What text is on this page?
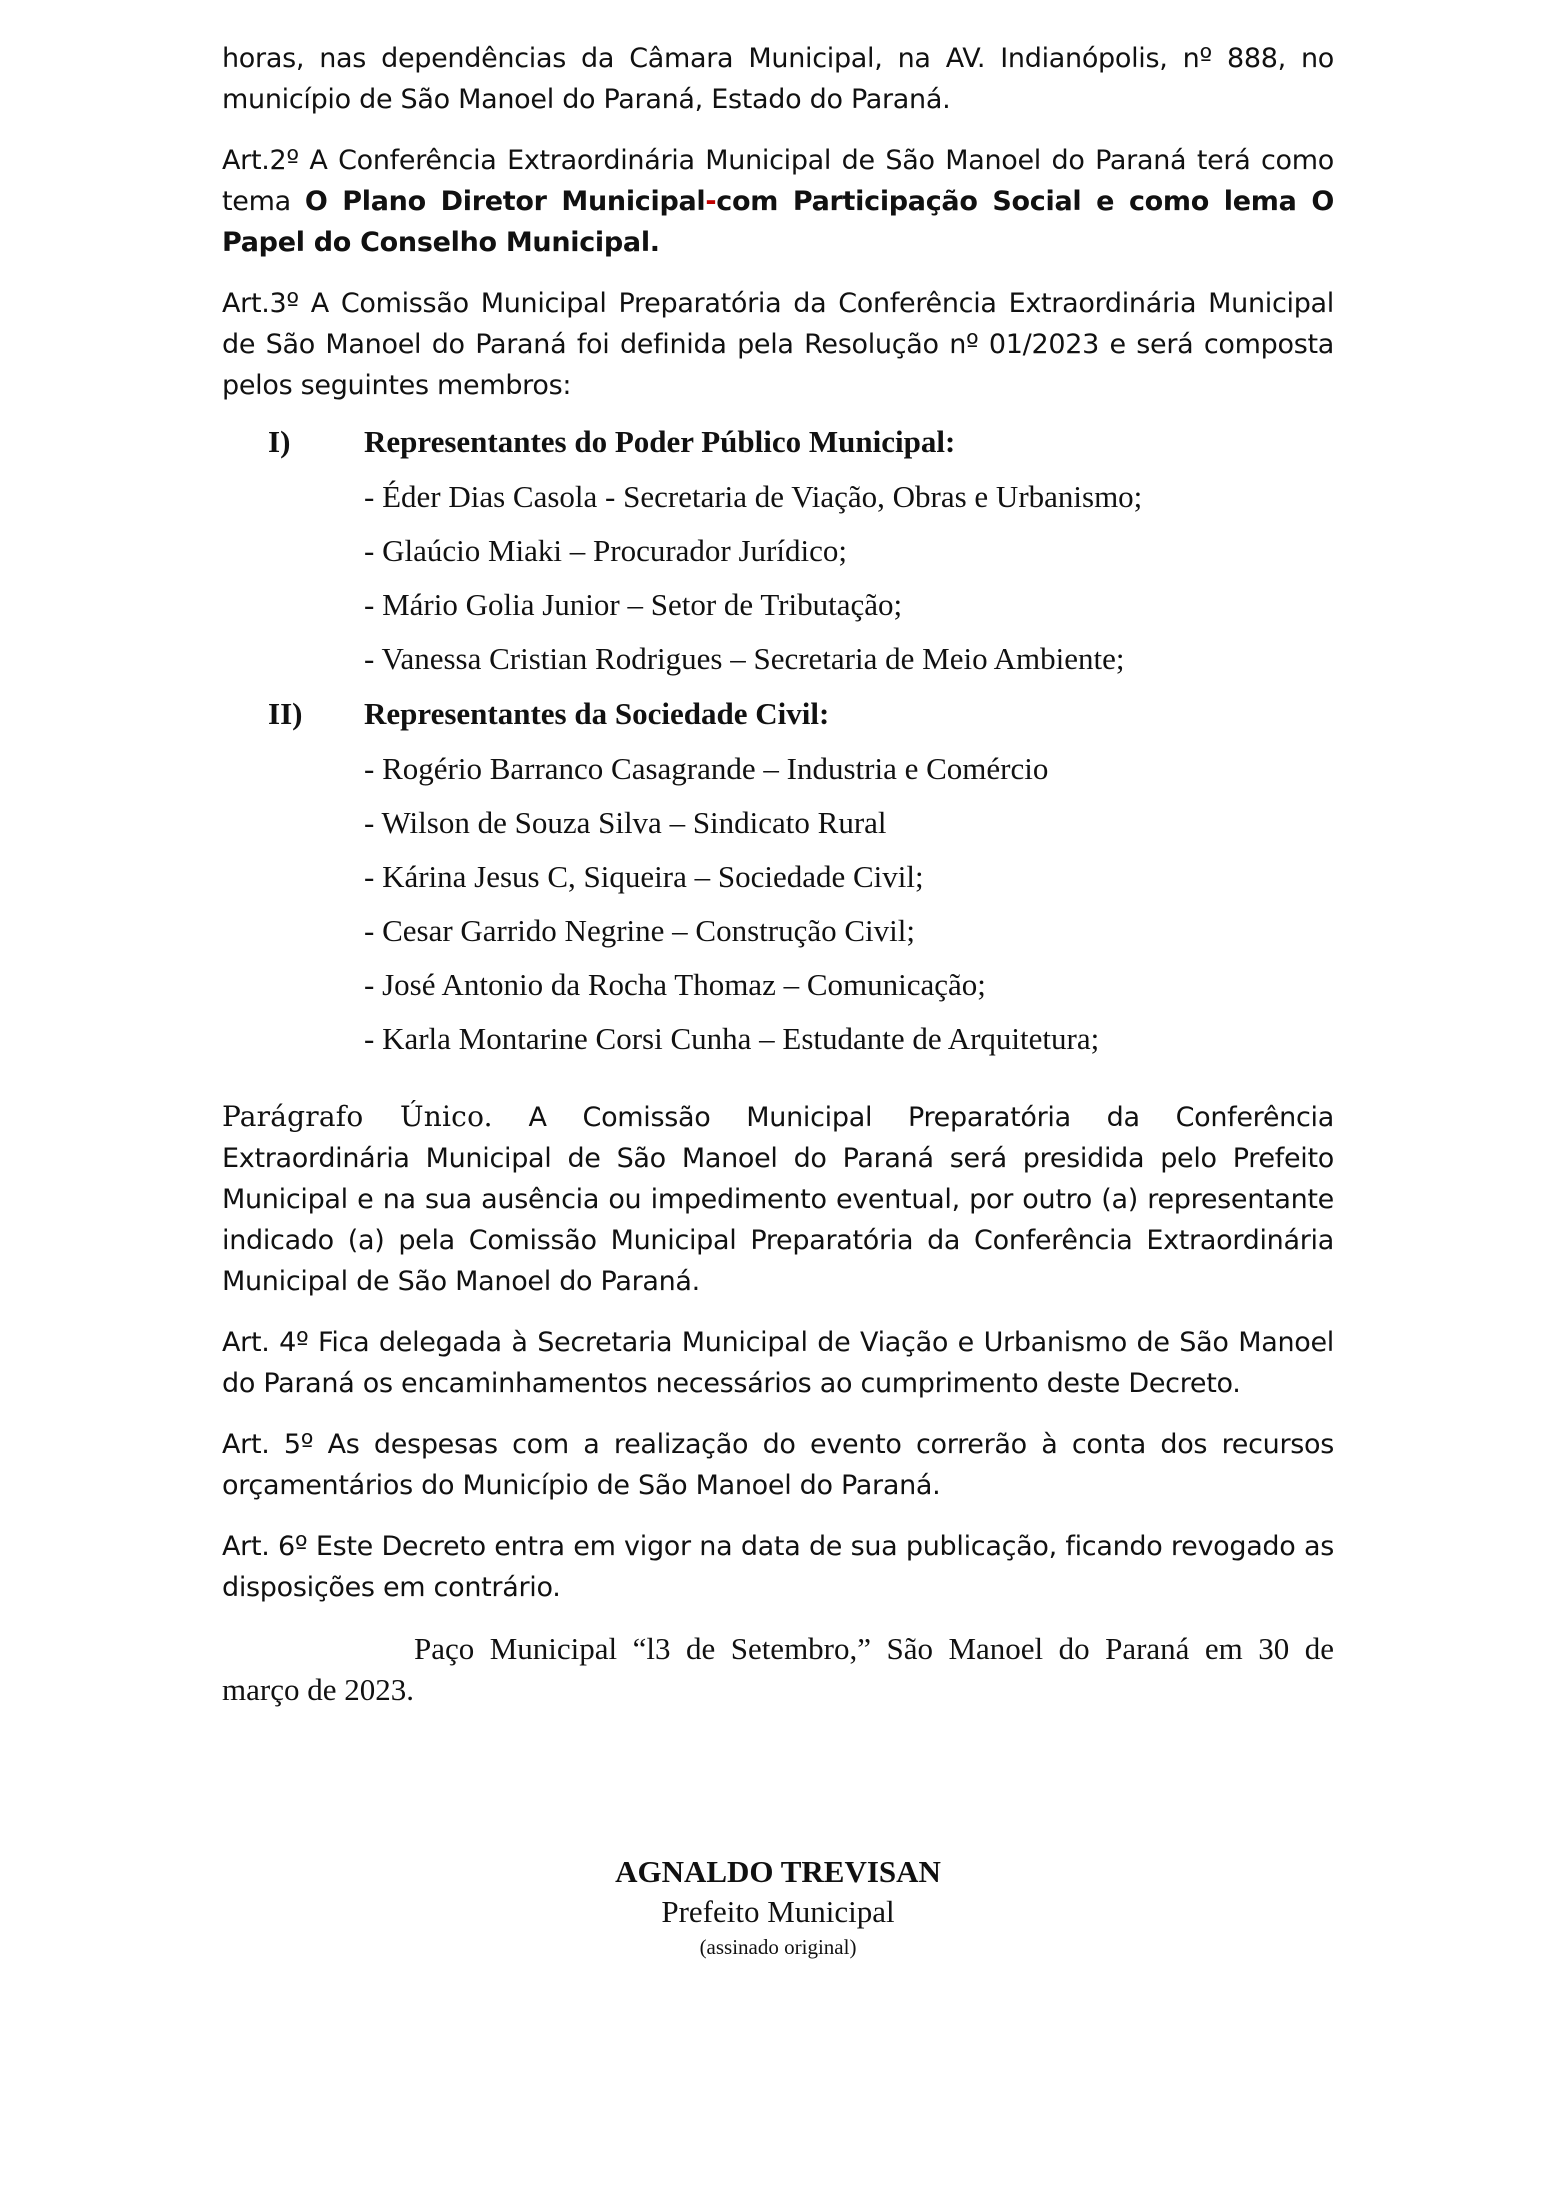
horas, nas dependências da Câmara Municipal, na AV. Indianópolis, nº 888, no município de São Manoel do Paraná, Estado do Paraná.

Art.2º A Conferência Extraordinária Municipal de São Manoel do Paraná terá como tema O Plano Diretor Municipal-com Participação Social e como lema O Papel do Conselho Municipal.

Art.3º A Comissão Municipal Preparatória da Conferência Extraordinária Municipal de São Manoel do Paraná foi definida pela Resolução nº 01/2023 e será composta pelos seguintes membros:

I)	Representantes do Poder Público Municipal:
- Éder Dias Casola - Secretaria de Viação, Obras e Urbanismo;
- Glaúcio Miaki – Procurador Jurídico;
- Mário Golia Junior – Setor de Tributação;
- Vanessa Cristian Rodrigues – Secretaria de Meio Ambiente;
II)	Representantes da Sociedade Civil:
- Rogério Barranco Casagrande – Industria e Comércio
- Wilson de Souza Silva – Sindicato Rural
- Kárina Jesus C, Siqueira – Sociedade Civil;
- Cesar Garrido Negrine – Construção Civil;
- José Antonio da Rocha Thomaz – Comunicação;
- Karla Montarine Corsi Cunha – Estudante de Arquitetura;

Parágrafo Único. A Comissão Municipal Preparatória da Conferência Extraordinária Municipal de São Manoel do Paraná será presidida pelo Prefeito Municipal e na sua ausência ou impedimento eventual, por outro (a) representante indicado (a) pela Comissão Municipal Preparatória da Conferência Extraordinária Municipal de São Manoel do Paraná.

Art. 4º Fica delegada à Secretaria Municipal de Viação e Urbanismo de São Manoel do Paraná os encaminhamentos necessários ao cumprimento deste Decreto.

Art. 5º As despesas com a realização do evento correrão à conta dos recursos orçamentários do Município de São Manoel do Paraná.

Art. 6º Este Decreto entra em vigor na data de sua publicação, ficando revogado as disposições em contrário.

Paço Municipal “l3 de Setembro,” São Manoel do Paraná em 30 de março de 2023.

AGNALDO TREVISAN
Prefeito Municipal
(assinado original)
